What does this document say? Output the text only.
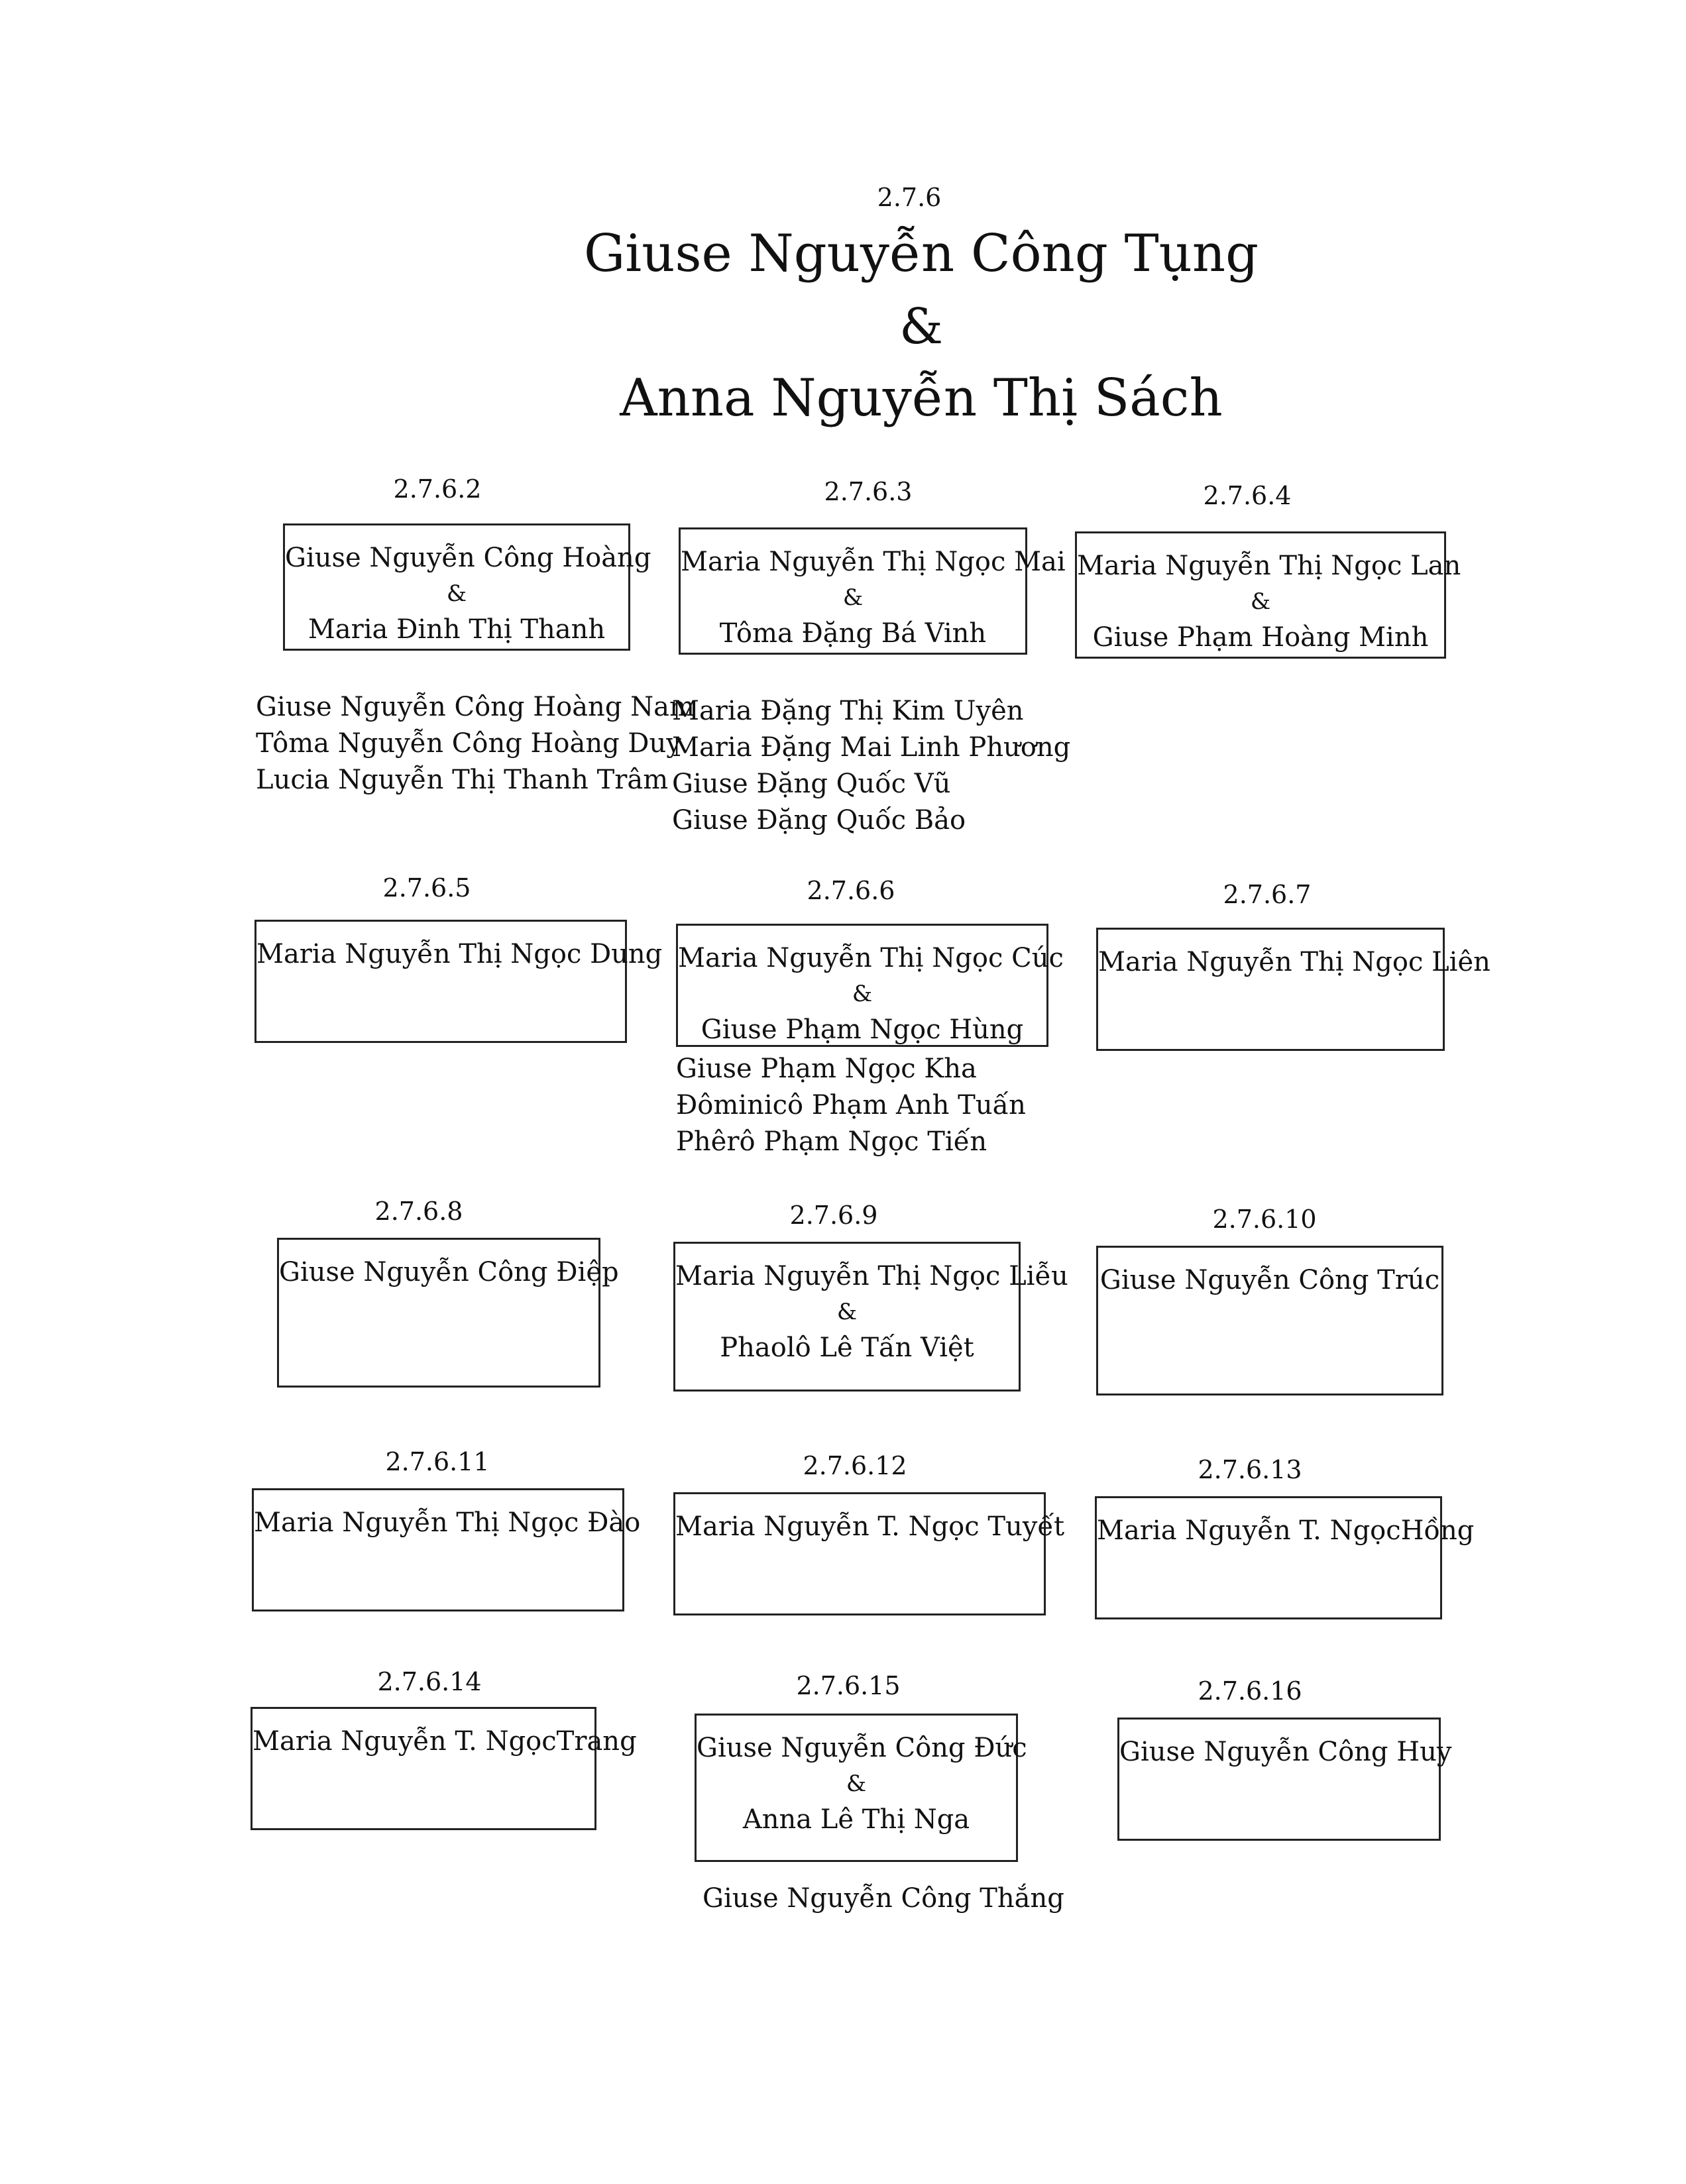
2.7.6
Giuse Nguyễn Công Tụng
&
Anna Nguyễn Thị Sách
2.7.6.2
Giuse Nguyễn Công Hoàng
&
Maria Đinh Thị Thanh
Giuse Nguyễn Công Hoàng Nam
Tôma Nguyễn Công Hoàng Duy
Lucia Nguyễn Thị Thanh Trâm
2.7.6.3
Maria Nguyễn Thị Ngọc Mai
&
Tôma Đặng Bá Vinh
Maria Đặng Thị Kim Uyên
Maria Đặng Mai Linh Phương
Giuse Đặng Quốc Vũ
Giuse Đặng Quốc Bảo
2.7.6.4
Maria Nguyễn Thị Ngọc Lan
&
Giuse Phạm Hoàng Minh
2.7.6.5
Maria Nguyễn Thị Ngọc Dung
2.7.6.6
Maria Nguyễn Thị Ngọc Cúc
&
Giuse Phạm Ngọc Hùng
Giuse Phạm Ngọc Kha
Đôminicô Phạm Anh Tuấn
Phêrô Phạm Ngọc Tiến
2.7.6.7
Maria Nguyễn Thị Ngọc Liên
2.7.6.8
Giuse Nguyễn Công Điệp
2.7.6.9
Maria Nguyễn Thị Ngọc Liễu
&
Phaolô Lê Tấn Việt
2.7.6.10
Giuse Nguyễn Công Trúc
2.7.6.11
Maria Nguyễn Thị Ngọc Đào
2.7.6.12
Maria Nguyễn T. Ngọc Tuyết
2.7.6.13
Maria Nguyễn T. NgọcHồng
2.7.6.14
Maria Nguyễn T. NgọcTrang
2.7.6.15
Giuse Nguyễn Công Đức
&
Anna Lê Thị Nga
Giuse Nguyễn Công Thắng
2.7.6.16
Giuse Nguyễn Công Huy
